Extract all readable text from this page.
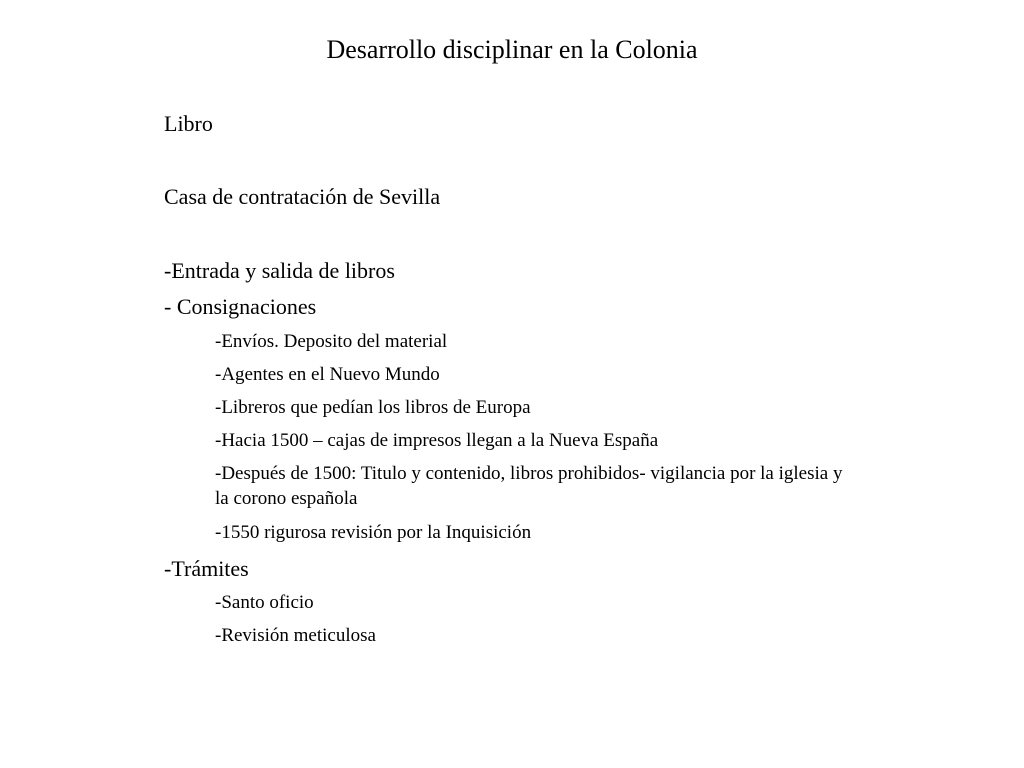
Desarrollo disciplinar en la Colonia
Libro
Casa de contratación de Sevilla
-Entrada y salida de libros
- Consignaciones
-Envíos. Deposito del material
-Agentes en el Nuevo Mundo
-Libreros que pedían los libros de Europa
-Hacia 1500 – cajas de impresos llegan a la Nueva España
-Después de 1500: Titulo y contenido, libros prohibidos- vigilancia por la iglesia y la corono española
-1550 rigurosa revisión por la Inquisición
-Trámites
-Santo oficio
-Revisión meticulosa
